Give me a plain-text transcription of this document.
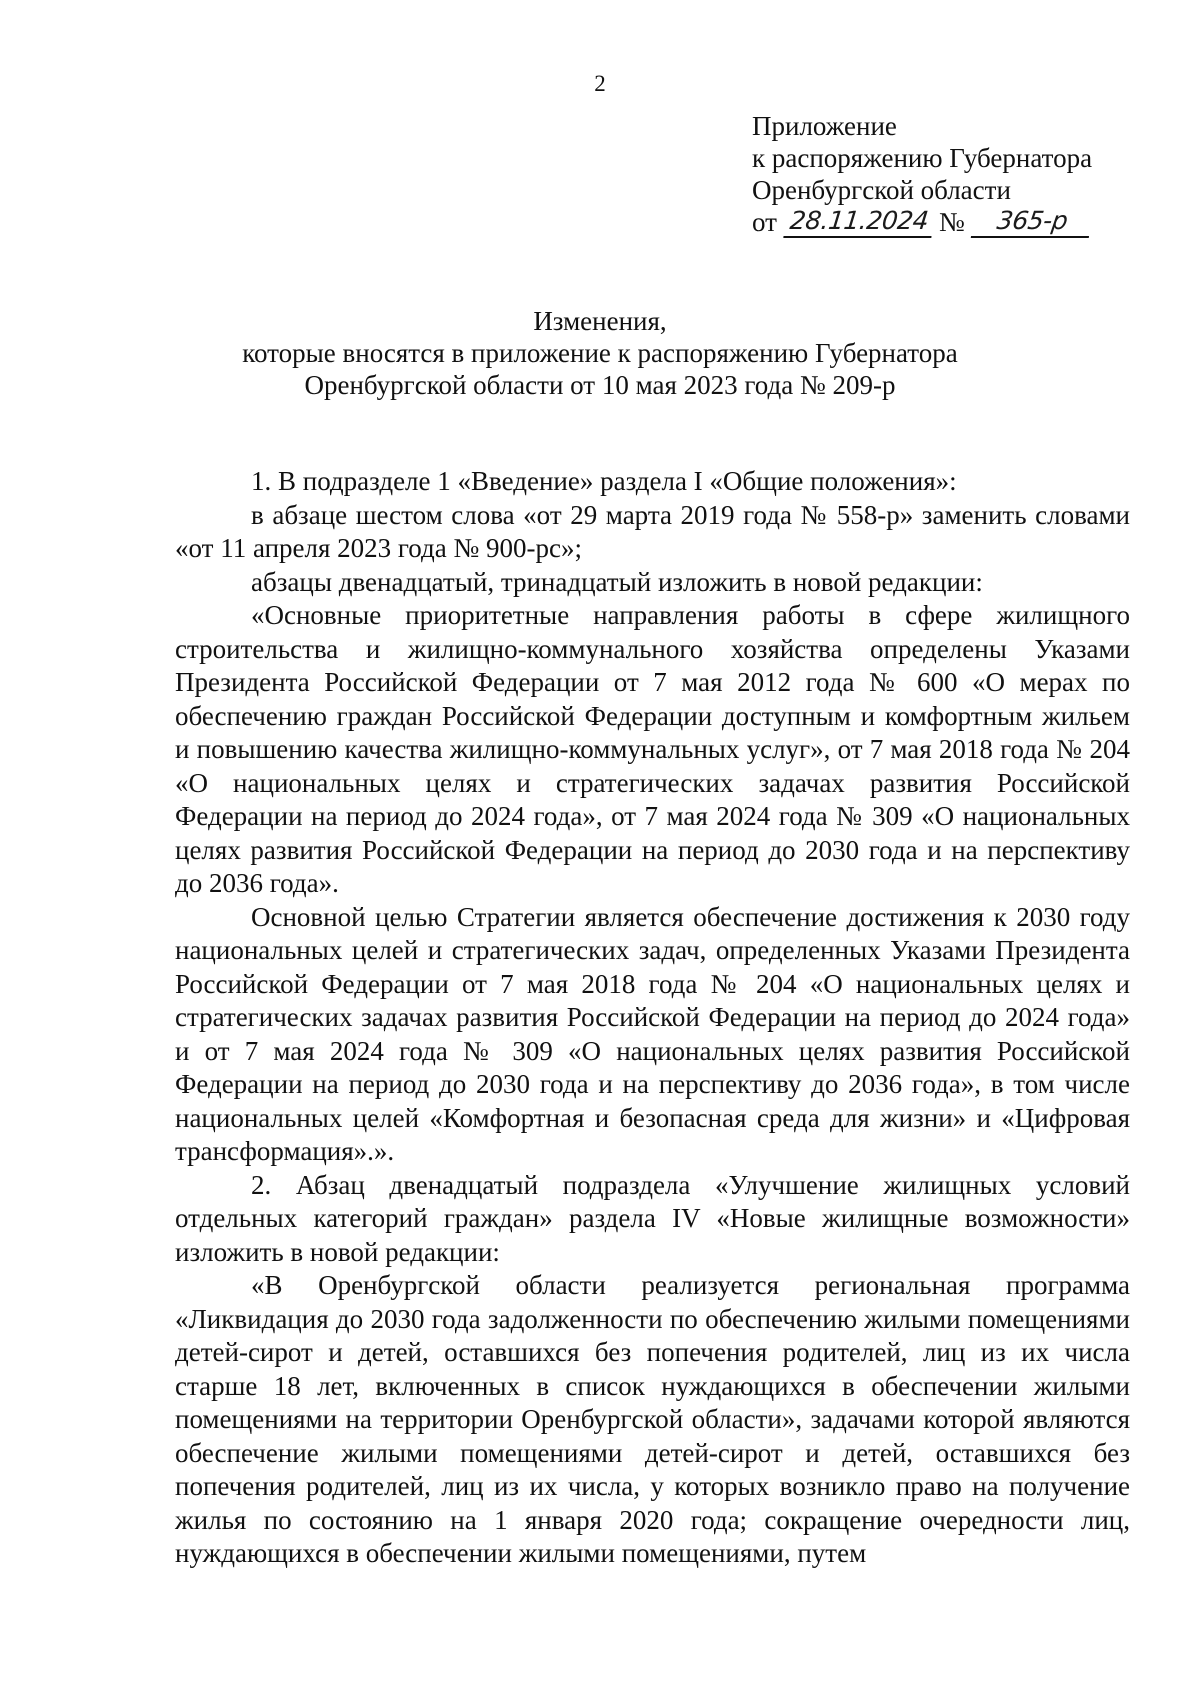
2
Приложение
к распоряжению Губернатора
Оренбургской области
от 28.11.2024 №	365-р
Изменения,
которые вносятся в приложение к распоряжению Губернатора
Оренбургской области от 10 мая 2023 года № 209-р

1. В подразделе 1 «Введение» раздела I «Общие положения»:

в абзаце шестом слова «от 29 марта 2019 года № 558-р» заменить словами «от 11 апреля 2023 года № 900-рс»;

абзацы двенадцатый, тринадцатый изложить в новой редакции:

«Основные приоритетные направления работы в сфере жилищного строительства и жилищно-коммунального хозяйства определены Указами Президента Российской Федерации от 7 мая 2012 года № 600 «О мерах по обеспечению граждан Российской Федерации доступным и комфортным жильем и повышению качества жилищно-коммунальных услуг», от 7 мая 2018 года № 204 «О национальных целях и стратегических задачах развития Российской Федерации на период до 2024 года», от 7 мая 2024 года № 309 «О национальных целях развития Российской Федерации на период до 2030 года и на перспективу до 2036 года».

Основной целью Стратегии является обеспечение достижения к 2030 году национальных целей и стратегических задач, определенных Указами Президента Российской Федерации от 7 мая 2018 года № 204 «О национальных целях и стратегических задачах развития Российской Федерации на период до 2024 года» и от 7 мая 2024 года № 309 «О национальных целях развития Российской Федерации на период до 2030 года и на перспективу до 2036 года», в том числе национальных целей «Комфортная и безопасная среда для жизни» и «Цифровая трансформация».».

2. Абзац двенадцатый подраздела «Улучшение жилищных условий отдельных категорий граждан» раздела IV «Новые жилищные возможности» изложить в новой редакции:

«В Оренбургской области реализуется региональная программа «Ликвидация до 2030 года задолженности по обеспечению жилыми помещениями детей-сирот и детей, оставшихся без попечения родителей, лиц из их числа старше 18 лет, включенных в список нуждающихся в обеспечении жилыми помещениями на территории Оренбургской области», задачами которой являются обеспечение жилыми помещениями детей-сирот и детей, оставшихся без попечения родителей, лиц из их числа, у которых возникло право на получение жилья по состоянию на 1 января 2020 года; сокращение очередности лиц, нуждающихся в обеспечении жилыми помещениями, путем
